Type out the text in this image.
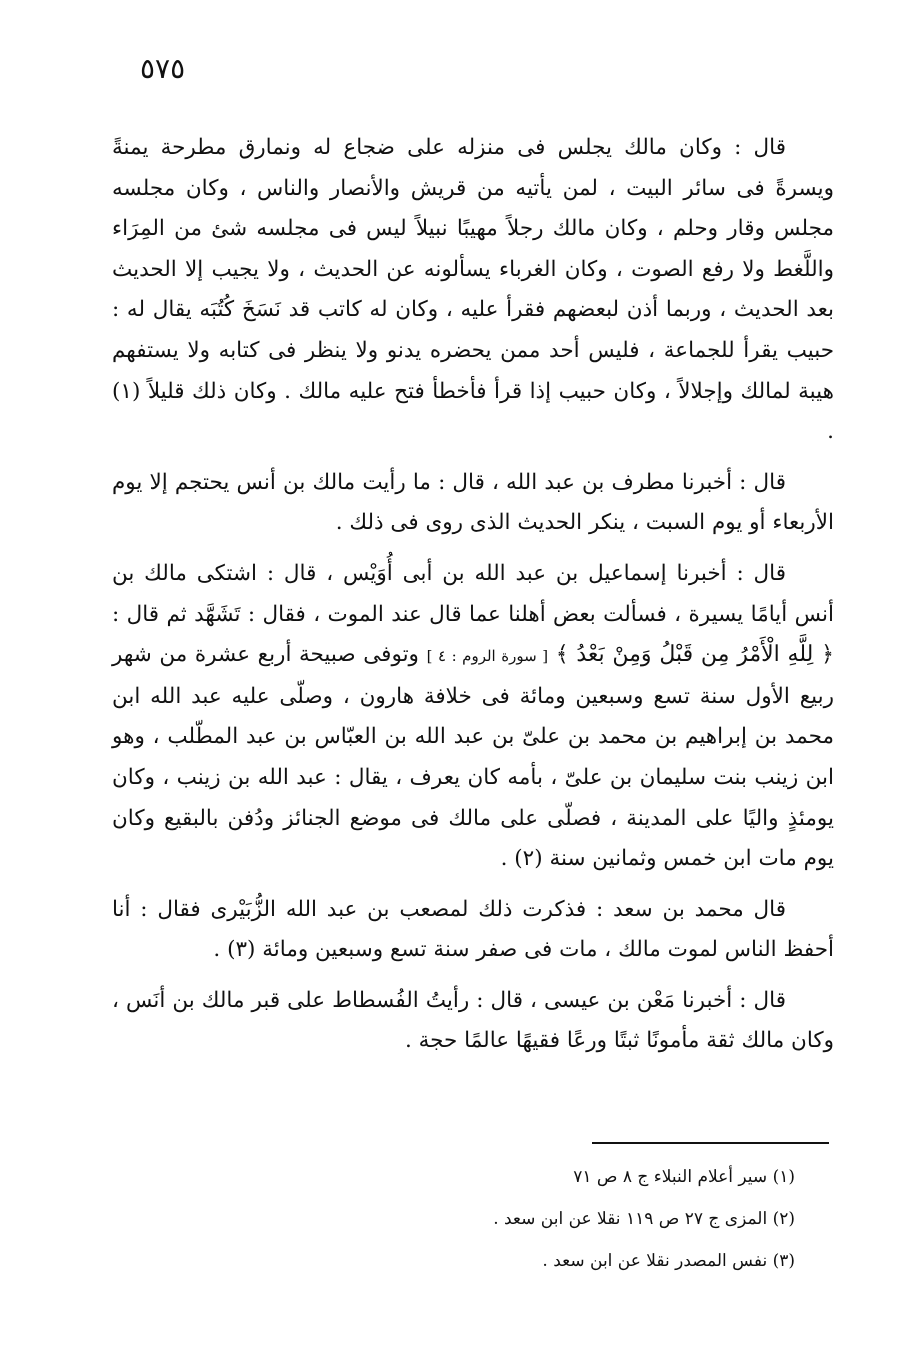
٥٧٥

قال : وكان مالك يجلس فى منزله على ضجاع له ونمارق مطرحة يمنةً ويسرةً فى سائر البيت ، لمن يأتيه من قريش والأنصار والناس ، وكان مجلسه مجلس وقار وحلم ، وكان مالك رجلاً مهيبًا نبيلاً ليس فى مجلسه شئ من المِرَاء واللَّغط ولا رفع الصوت ، وكان الغرباء يسألونه عن الحديث ، ولا يجيب إلا الحديث بعد الحديث ، وربما أذن لبعضهم فقرأ عليه ، وكان له كاتب قد نَسَخَ كُتُبَه يقال له : حبيب يقرأ للجماعة ، فليس أحد ممن يحضره يدنو ولا ينظر فى كتابه ولا يستفهم هيبة لمالك وإجلالاً ، وكان حبيب إذا قرأ فأخطأ فتح عليه مالك . وكان ذلك قليلاً (١) .

قال : أخبرنا مطرف بن عبد الله ، قال : ما رأيت مالك بن أنس يحتجم إلا يوم الأربعاء أو يوم السبت ، ينكر الحديث الذى روى فى ذلك .

قال : أخبرنا إسماعيل بن عبد الله بن أبى أُوَيْس ، قال : اشتكى مالك بن أنس أيامًا يسيرة ، فسألت بعض أهلنا عما قال عند الموت ، فقال : تَشَهَّد ثم قال : ﴿ لِلَّهِ الْأَمْرُ مِن قَبْلُ وَمِنْ بَعْدُ ﴾ [ سورة الروم : ٤ ] وتوفى صبيحة أربع عشرة من شهر ربيع الأول سنة تسع وسبعين ومائة فى خلافة هارون ، وصلّى عليه عبد الله ابن محمد بن إبراهيم بن محمد بن علىّ بن عبد الله بن العبّاس بن عبد المطّلب ، وهو ابن زينب بنت سليمان بن علىّ ، بأمه كان يعرف ، يقال : عبد الله بن زينب ، وكان يومئذٍ واليًا على المدينة ، فصلّى على مالك فى موضع الجنائز ودُفن بالبقيع وكان يوم مات ابن خمس وثمانين سنة (٢) .

قال محمد بن سعد : فذكرت ذلك لمصعب بن عبد الله الزُّبَيْرى فقال : أنا أحفظ الناس لموت مالك ، مات فى صفر سنة تسع وسبعين ومائة (٣) .

قال : أخبرنا مَعْن بن عيسى ، قال : رأيتُ الفُسطاط على قبر مالك بن أنَس ، وكان مالك ثقة مأمونًا ثبتًا ورعًا فقيهًا عالمًا حجة .

(١) سير أعلام النبلاء ج ٨ ص ٧١

(٢) المزى ج ٢٧ ص ١١٩ نقلا عن ابن سعد .

(٣) نفس المصدر نقلا عن ابن سعد .
